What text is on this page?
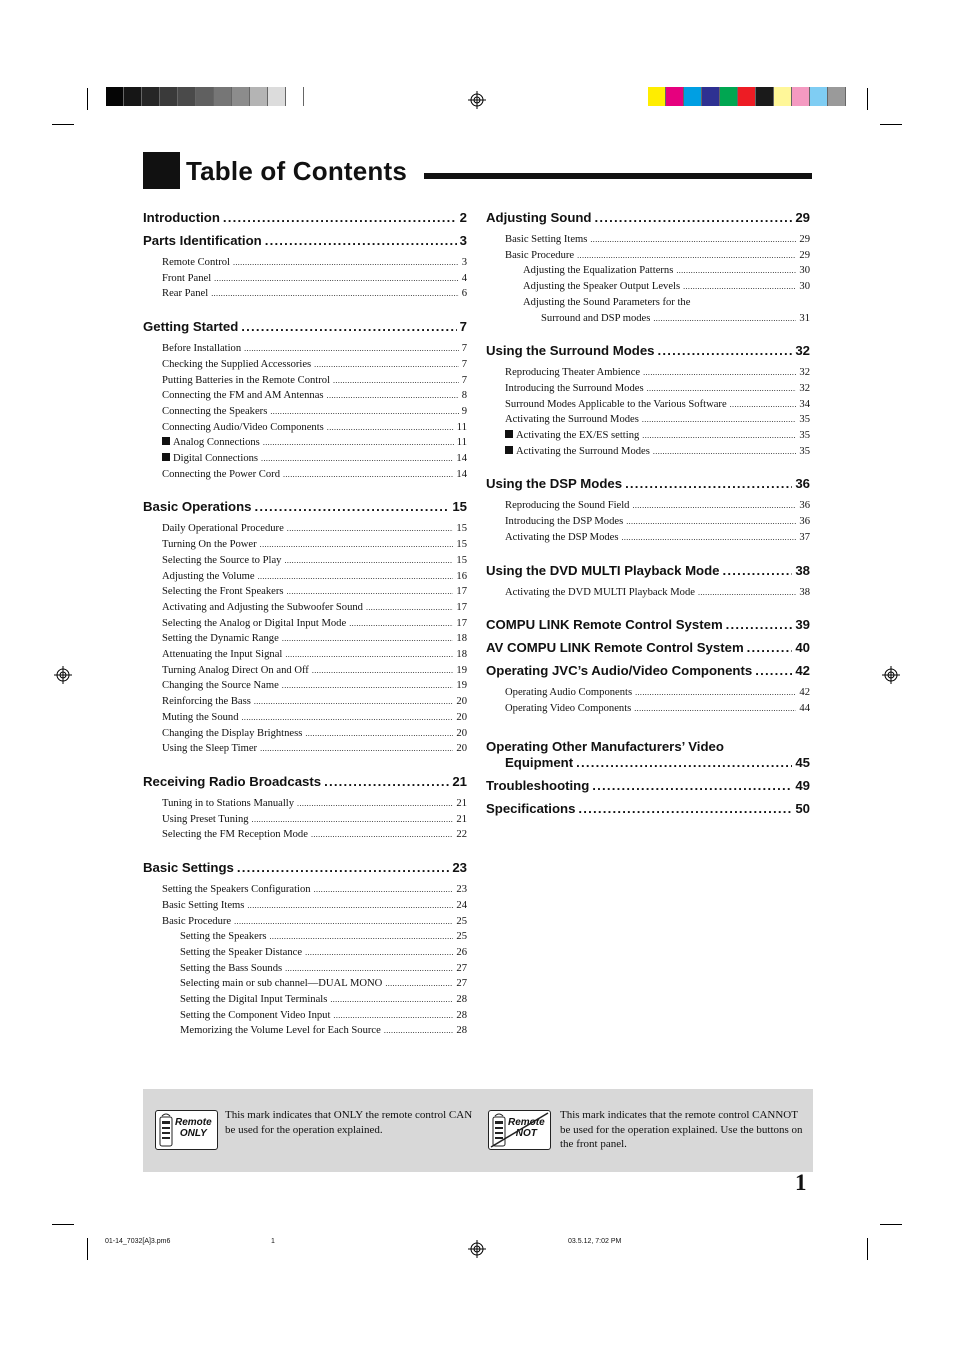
Table of Contents
Introduction .....	2
Parts Identification .....	3
Remote Control .....	3
Front Panel .....	4
Rear Panel .....	6
Getting Started .....	7
Before Installation .....	7
Checking the Supplied Accessories .....	7
Putting Batteries in the Remote Control .....	7
Connecting the FM and AM Antennas .....	8
Connecting the Speakers .....	9
Connecting Audio/Video Components .....	11
Analog Connections .....	11
Digital Connections .....	14
Connecting the Power Cord .....	14
Basic Operations .....	15
Daily Operational Procedure .....	15
Turning On the Power .....	15
Selecting the Source to Play .....	15
Adjusting the Volume .....	16
Selecting the Front Speakers .....	17
Activating and Adjusting the Subwoofer Sound .....	17
Selecting the Analog or Digital Input Mode .....	17
Setting the Dynamic Range .....	18
Attenuating the Input Signal .....	18
Turning Analog Direct On and Off .....	19
Changing the Source Name .....	19
Reinforcing the Bass .....	20
Muting the Sound .....	20
Changing the Display Brightness .....	20
Using the Sleep Timer .....	20
Receiving Radio Broadcasts .....	21
Tuning in to Stations Manually .....	21
Using Preset Tuning .....	21
Selecting the FM Reception Mode .....	22
Basic Settings .....	23
Setting the Speakers Configuration .....	23
Basic Setting Items .....	24
Basic Procedure .....	25
Setting the Speakers .....	25
Setting the Speaker Distance .....	26
Setting the Bass Sounds .....	27
Selecting main or sub channel—DUAL MONO .....	27
Setting the Digital Input Terminals .....	28
Setting the Component Video Input .....	28
Memorizing the Volume Level for Each Source .....	28
Adjusting Sound .....	29
Basic Setting Items .....	29
Basic Procedure .....	29
Adjusting the Equalization Patterns .....	30
Adjusting the Speaker Output Levels .....	30
Adjusting the Sound Parameters for the
Surround and DSP modes .....	31
Using the Surround Modes .....	32
Reproducing Theater Ambience .....	32
Introducing the Surround Modes .....	32
Surround Modes Applicable to the Various Software .....	34
Activating the Surround Modes .....	35
Activating the EX/ES setting .....	35
Activating the Surround Modes .....	35
Using the DSP Modes .....	36
Reproducing the Sound Field .....	36
Introducing the DSP Modes .....	36
Activating the DSP Modes .....	37
Using the DVD MULTI Playback Mode .....	38
Activating the DVD MULTI Playback Mode .....	38
COMPU LINK Remote Control System .....	39
AV COMPU LINK Remote Control System .....	40
Operating JVC’s Audio/Video Components .....	42
Operating Audio Components .....	42
Operating Video Components .....	44
Operating Other Manufacturers’ Video
Equipment .....	45
Troubleshooting .....	49
Specifications .....	50
Remote
ONLY
This mark indicates that ONLY the remote control CAN be used for the operation explained.
Remote
NOT
This mark indicates that the remote control CANNOT be used for the operation explained. Use the buttons on the front panel.
1
01-14_7032[A]3.pm6	1	03.5.12, 7:02 PM
